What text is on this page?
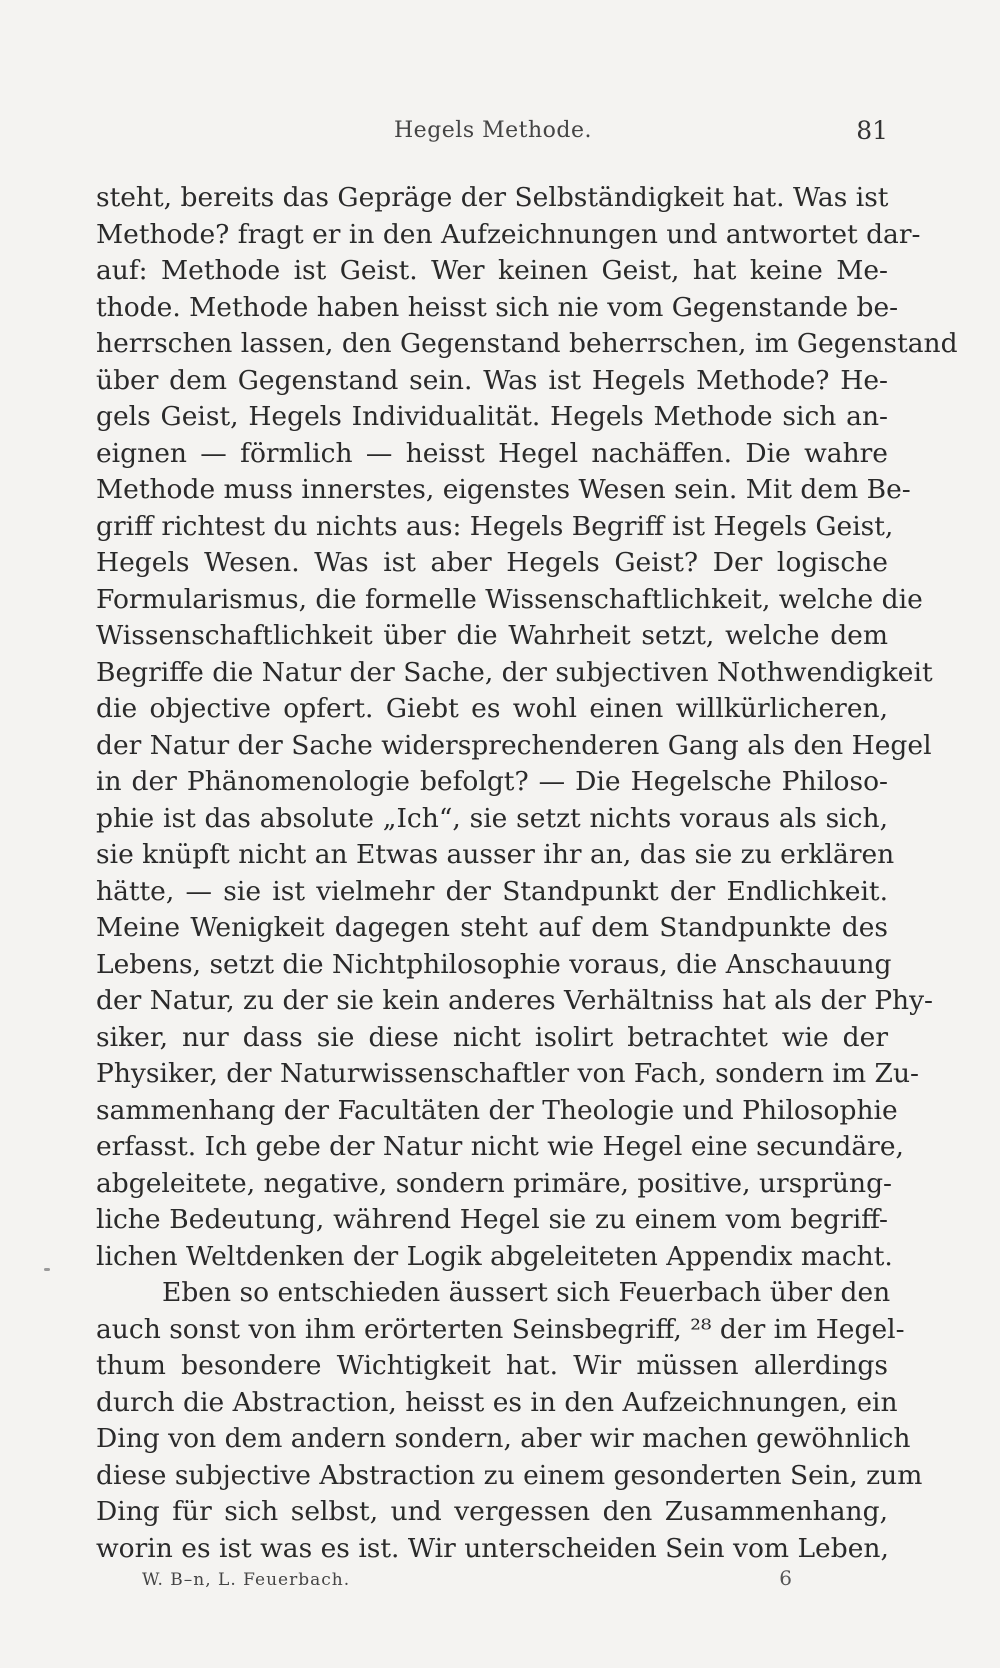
Hegels Methode.	81
steht, bereits das Gepräge der Selbständigkeit hat. Was ist
Methode? fragt er in den Aufzeichnungen und antwortet dar-
auf: Methode ist Geist. Wer keinen Geist, hat keine Me-
thode. Methode haben heisst sich nie vom Gegenstande be-
herrschen lassen, den Gegenstand beherrschen, im Gegenstand
über dem Gegenstand sein. Was ist Hegels Methode? He-
gels Geist, Hegels Individualität. Hegels Methode sich an-
eignen — förmlich — heisst Hegel nachäffen. Die wahre
Methode muss innerstes, eigenstes Wesen sein. Mit dem Be-
griff richtest du nichts aus: Hegels Begriff ist Hegels Geist,
Hegels Wesen. Was ist aber Hegels Geist? Der logische
Formularismus, die formelle Wissenschaftlichkeit, welche die
Wissenschaftlichkeit über die Wahrheit setzt, welche dem
Begriffe die Natur der Sache, der subjectiven Nothwendigkeit
die objective opfert. Giebt es wohl einen willkürlicheren,
der Natur der Sache widersprechenderen Gang als den Hegel
in der Phänomenologie befolgt? — Die Hegelsche Philoso-
phie ist das absolute „Ich“, sie setzt nichts voraus als sich,
sie knüpft nicht an Etwas ausser ihr an, das sie zu erklären
hätte, — sie ist vielmehr der Standpunkt der Endlichkeit.
Meine Wenigkeit dagegen steht auf dem Standpunkte des
Lebens, setzt die Nichtphilosophie voraus, die Anschauung
der Natur, zu der sie kein anderes Verhältniss hat als der Phy-
siker, nur dass sie diese nicht isolirt betrachtet wie der
Physiker, der Naturwissenschaftler von Fach, sondern im Zu-
sammenhang der Facultäten der Theologie und Philosophie
erfasst. Ich gebe der Natur nicht wie Hegel eine secundäre,
abgeleitete, negative, sondern primäre, positive, ursprüng-
liche Bedeutung, während Hegel sie zu einem vom begriff-
lichen Weltdenken der Logik abgeleiteten Appendix macht.
Eben so entschieden äussert sich Feuerbach über den
auch sonst von ihm erörterten Seinsbegriff, ²⁸ der im Hegel-
thum besondere Wichtigkeit hat. Wir müssen allerdings
durch die Abstraction, heisst es in den Aufzeichnungen, ein
Ding von dem andern sondern, aber wir machen gewöhnlich
diese subjective Abstraction zu einem gesonderten Sein, zum
Ding für sich selbst, und vergessen den Zusammenhang,
worin es ist was es ist. Wir unterscheiden Sein vom Leben,
W. B–n, L. Feuerbach.	6
